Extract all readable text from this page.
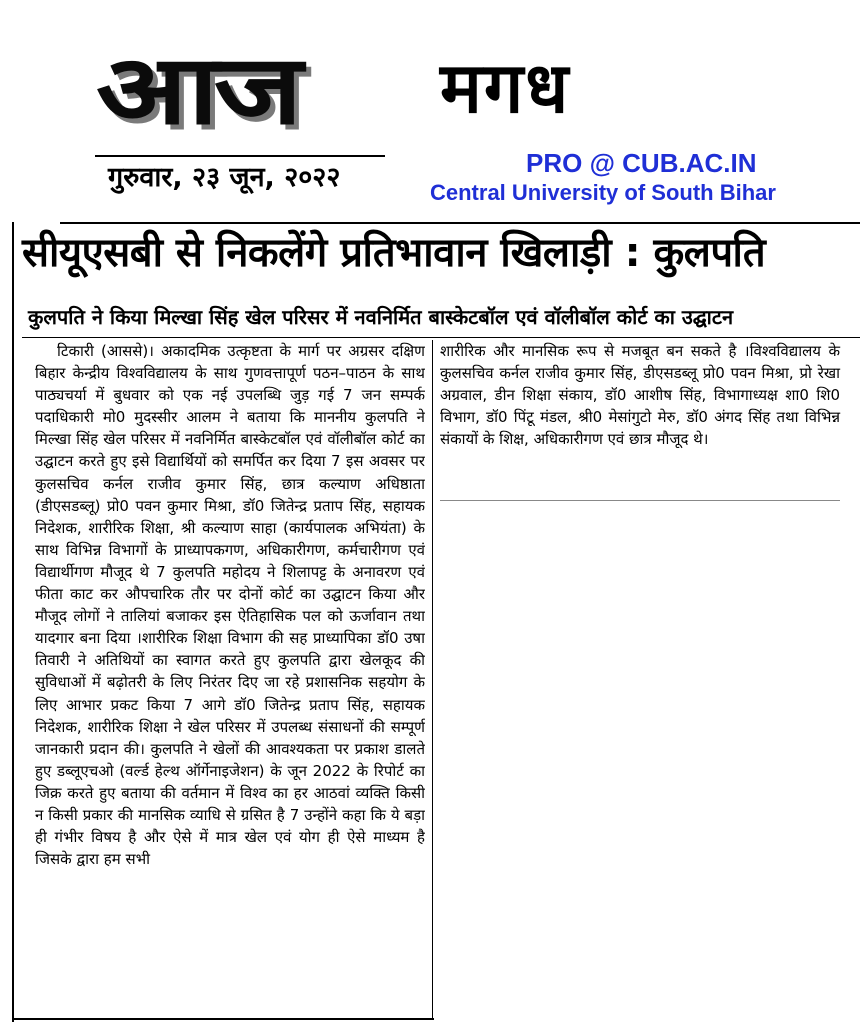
आज	मगध
गुरुवार, २३ जून, २०२२	PRO @ CUB.AC.IN
Central University of South Bihar
सीयूएसबी से निकलेंगे प्रतिभावान खिलाड़ी : कुलपति
कुलपति ने किया मिल्खा सिंह खेल परिसर में नवनिर्मित बास्केटबॉल एवं वॉलीबॉल कोर्ट का उद्घाटन

टिकारी (आससे)। अकादमिक उत्कृष्टता के मार्ग पर अग्रसर दक्षिण बिहार केन्द्रीय विश्वविद्यालय के साथ गुणवत्तापूर्ण पठन–पाठन के साथ पाठ्यचर्या में बुधवार को एक नई उपलब्धि जुड़ गई 7 जन सम्पर्क पदाधिकारी मो0 मुदस्सीर आलम ने बताया कि माननीय कुलपति ने मिल्खा सिंह खेल परिसर में नवनिर्मित बास्केटबॉल एवं वॉलीबॉल कोर्ट का उद्घाटन करते हुए इसे विद्यार्थियों को समर्पित कर दिया 7 इस अवसर पर कुलसचिव कर्नल राजीव कुमार सिंह, छात्र कल्याण अधिष्ठाता (डीएसडब्लू) प्रो0 पवन कुमार मिश्रा, डॉ0 जितेन्द्र प्रताप सिंह, सहायक निदेशक, शारीरिक शिक्षा, श्री कल्याण साहा (कार्यपालक अभियंता) के साथ विभिन्न विभागों के प्राध्यापकगण, अधिकारीगण, कर्मचारीगण एवं विद्यार्थीगण मौजूद थे 7 कुलपति महोदय ने शिलापट्ट के अनावरण एवं फीता काट कर औपचारिक तौर पर दोनों कोर्ट का उद्घाटन किया और मौजूद लोगों ने तालियां बजाकर इस ऐतिहासिक पल को ऊर्जावान तथा यादगार बना दिया ।शारीरिक शिक्षा विभाग की सह प्राध्यापिका डॉ0 उषा तिवारी ने अतिथियों का स्वागत करते हुए कुलपति द्वारा खेलकूद की सुविधाओं में बढ़ोतरी के लिए निरंतर दिए जा रहे प्रशासनिक सहयोग के लिए आभार प्रकट किया 7 आगे डॉ0 जितेन्द्र प्रताप सिंह, सहायक निदेशक, शारीरिक शिक्षा ने खेल परिसर में उपलब्ध संसाधनों की सम्पूर्ण जानकारी प्रदान की। कुलपति ने खेलों की आवश्यकता पर प्रकाश डालते हुए डब्लूएचओ (वर्ल्ड हेल्थ ऑर्गेनाइजेशन) के जून 2022 के रिपोर्ट का जिक्र करते हुए बताया की वर्तमान में विश्व का हर आठवां व्यक्ति किसी न किसी प्रकार की मानसिक व्याधि से ग्रसित है 7 उन्होंने कहा कि ये बड़ा ही गंभीर विषय है और ऐसे में मात्र खेल एवं योग ही ऐसे माध्यम है जिसके द्वारा हम सभी

शारीरिक और मानसिक रूप से मजबूत बन सकते है ।विश्वविद्यालय के कुलसचिव कर्नल राजीव कुमार सिंह, डीएसडब्लू प्रो0 पवन मिश्रा, प्रो रेखा अग्रवाल, डीन शिक्षा संकाय, डॉ0 आशीष सिंह, विभागाध्यक्ष शा0 शि0 विभाग, डॉ0 पिंटू मंडल, श्री0 मेसांगुटो मेरु, डॉ0 अंगद सिंह तथा विभिन्न संकायों के शिक्ष, अधिकारीगण एवं छात्र मौजूद थे।
